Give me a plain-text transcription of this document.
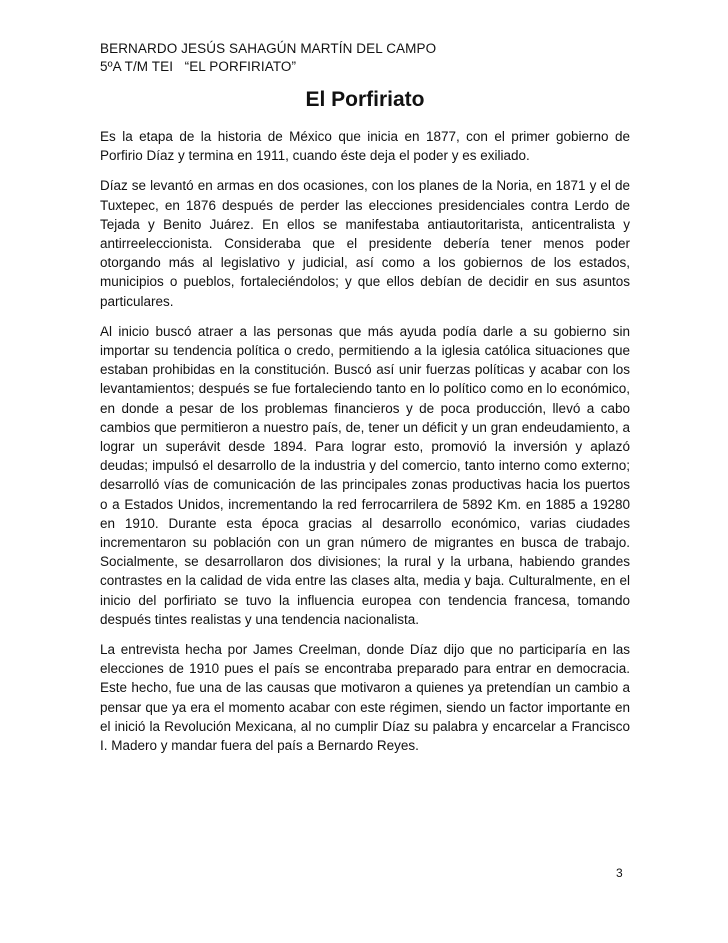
BERNARDO JESÚS SAHAGÚN MARTÍN DEL CAMPO
5ºA T/M TEI   “EL PORFIRIATO”
El Porfiriato

Es la etapa de la historia de México que inicia en 1877, con el primer gobierno de Porfirio Díaz y termina en 1911, cuando éste deja el poder y es exiliado.

Díaz se levantó en armas en dos ocasiones, con los planes de la Noria, en 1871 y el de Tuxtepec, en 1876 después de perder las elecciones presidenciales contra Lerdo de Tejada y Benito Juárez. En ellos se manifestaba antiautoritarista, anticentralista y antirreeleccionista. Consideraba que el presidente debería tener menos poder otorgando más al legislativo y judicial, así como a los gobiernos de los estados, municipios o pueblos, fortaleciéndolos; y que ellos debían de decidir en sus asuntos particulares.

Al inicio buscó atraer a las personas que más ayuda podía darle a su gobierno sin importar su tendencia política o credo, permitiendo a la iglesia católica situaciones que estaban prohibidas en la constitución. Buscó así unir fuerzas políticas y acabar con los levantamientos; después se fue fortaleciendo tanto en lo político como en lo económico, en donde a pesar de los problemas financieros y de poca producción, llevó a cabo cambios que permitieron a nuestro país, de, tener un déficit y un gran endeudamiento, a lograr un superávit desde 1894. Para lograr esto, promovió la inversión y aplazó deudas; impulsó el desarrollo de la industria y del comercio, tanto interno como externo; desarrolló vías de comunicación de las principales zonas productivas hacia los puertos o a Estados Unidos, incrementando la red ferrocarrilera de 5892 Km. en 1885 a 19280 en 1910. Durante esta época gracias al desarrollo económico, varias ciudades incrementaron su población con un gran número de migrantes en busca de trabajo. Socialmente, se desarrollaron dos divisiones; la rural y la urbana, habiendo grandes contrastes en la calidad de vida entre las clases alta, media y baja. Culturalmente, en el inicio del porfiriato se tuvo la influencia europea con tendencia francesa, tomando después tintes realistas y una tendencia nacionalista.

La entrevista hecha por James Creelman, donde Díaz dijo que no participaría en las elecciones de 1910 pues el país se encontraba preparado para entrar en democracia. Este hecho, fue una de las causas que motivaron a quienes ya pretendían un cambio a pensar que ya era el momento acabar con este régimen, siendo un factor importante en el inició la Revolución Mexicana, al no cumplir Díaz su palabra y encarcelar a Francisco I. Madero y mandar fuera del país a Bernardo Reyes.

3
